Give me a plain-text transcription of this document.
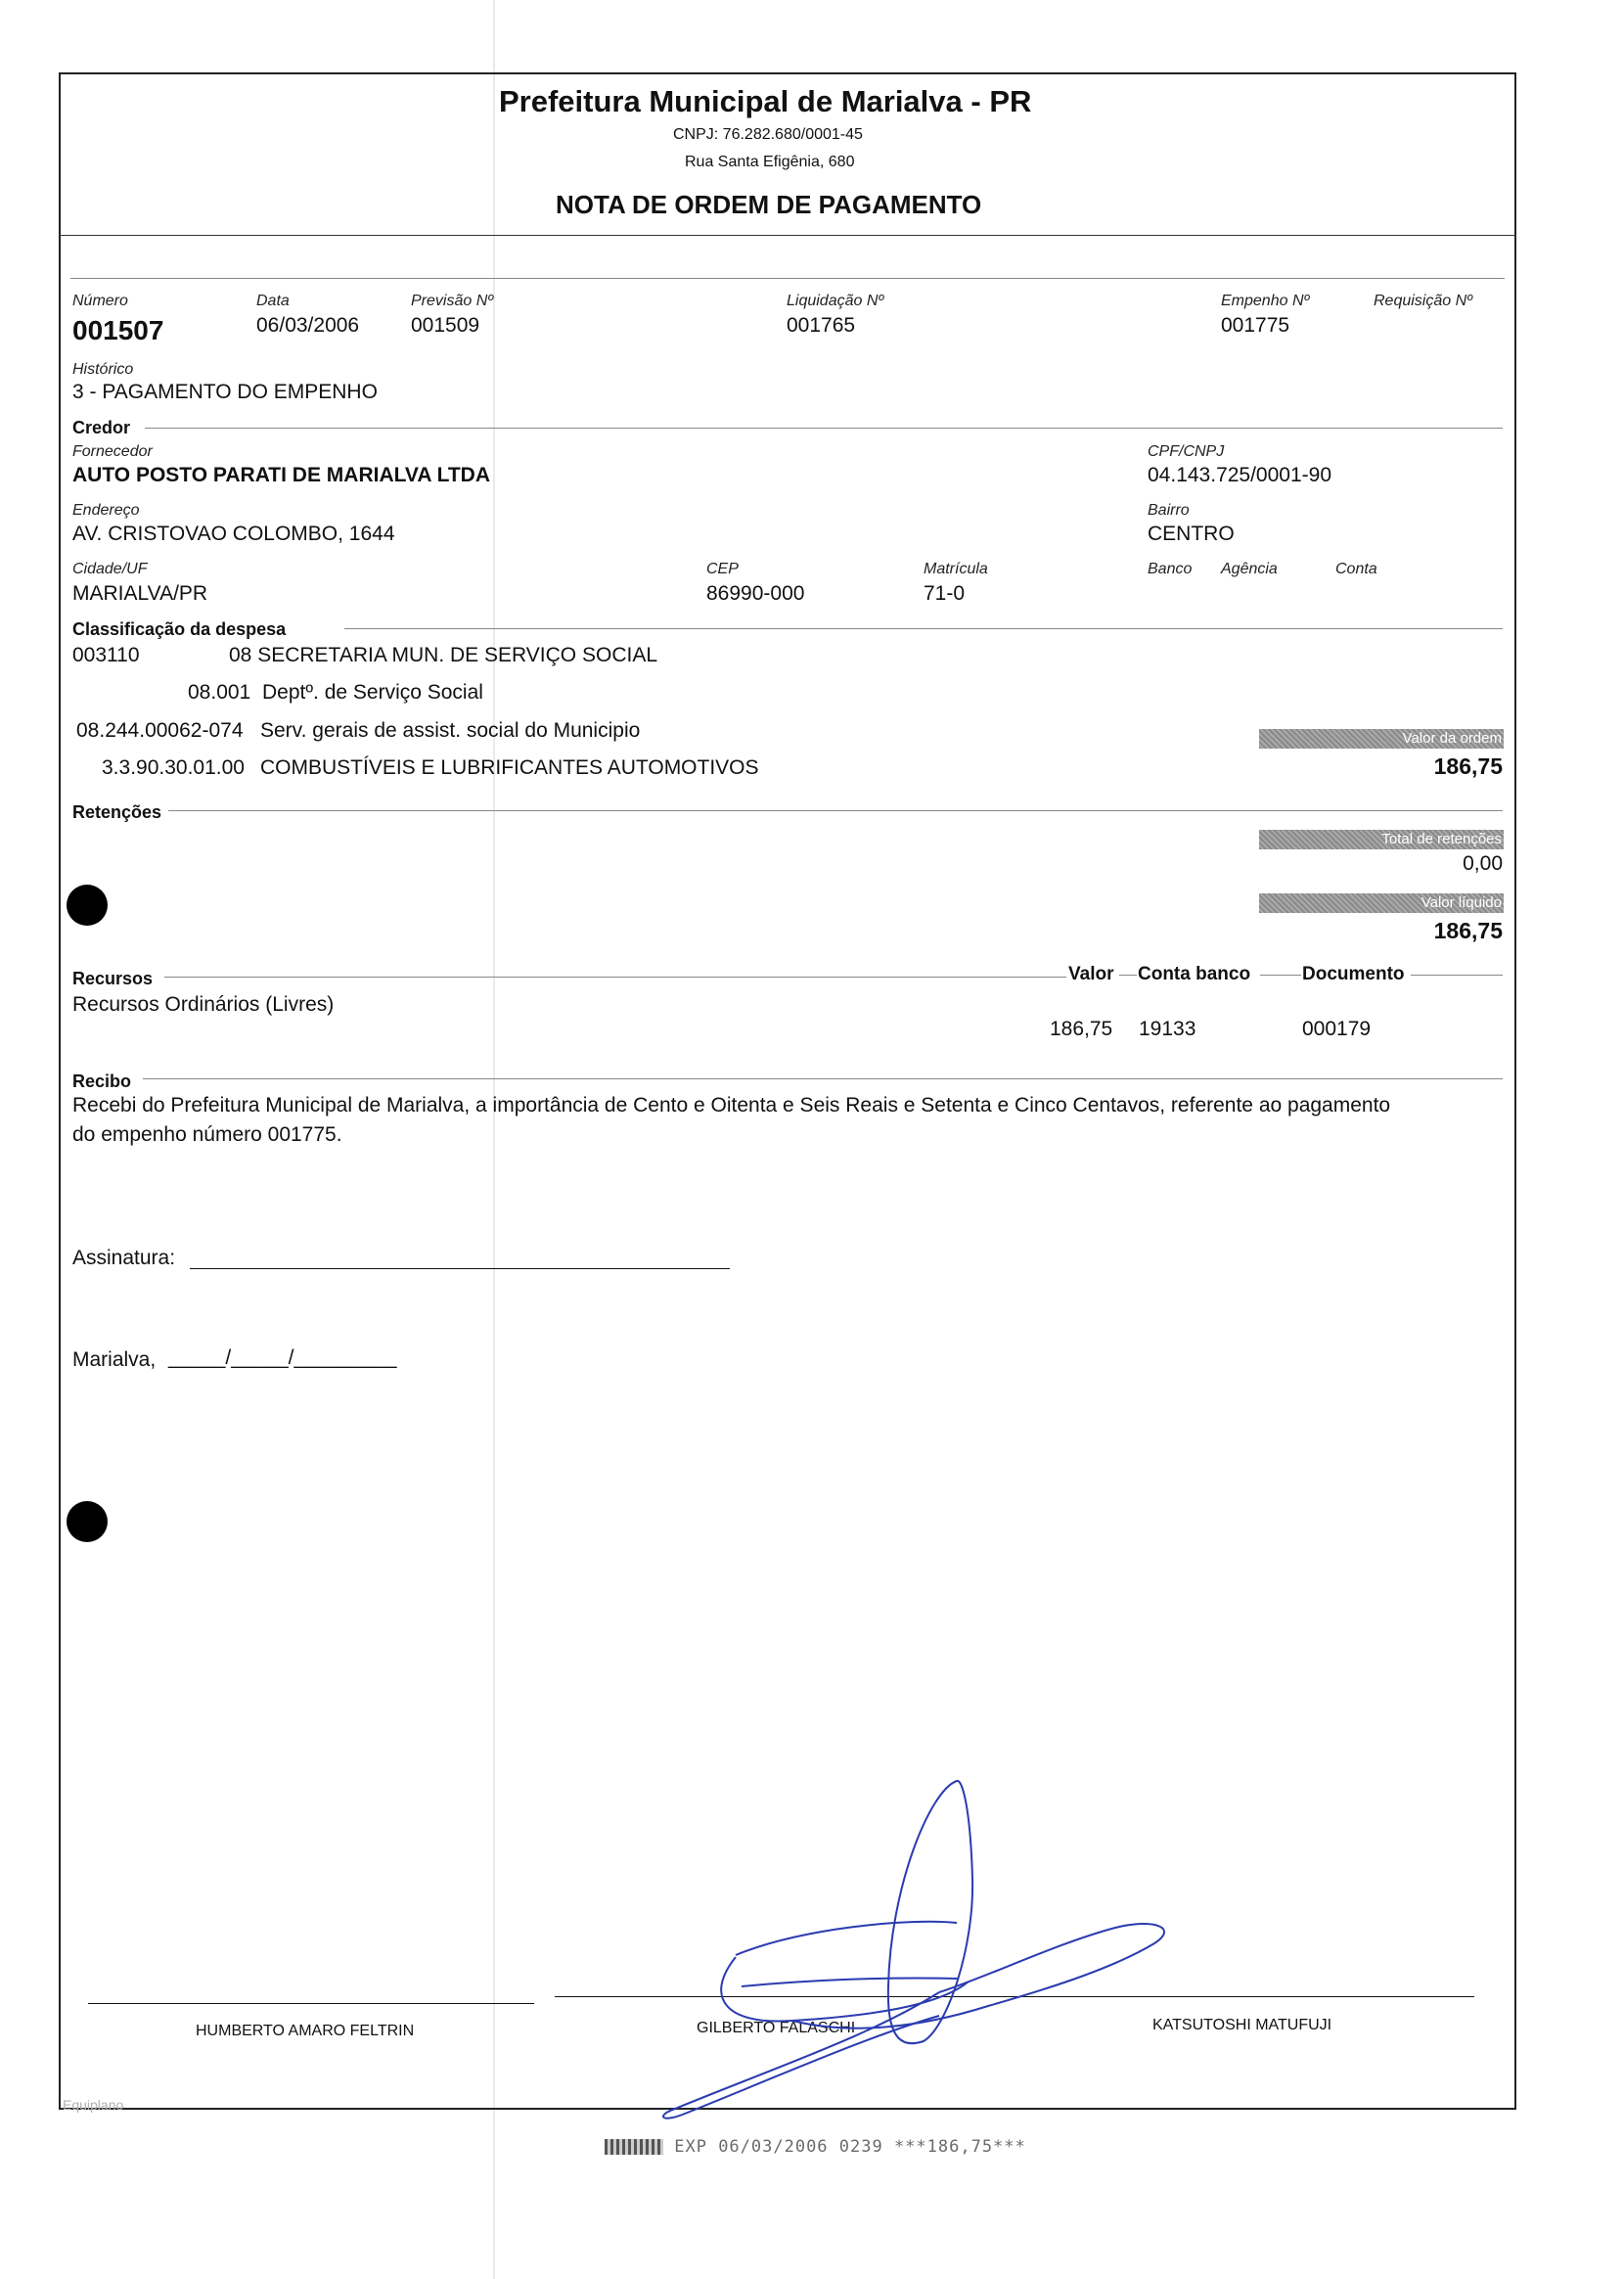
Prefeitura Municipal de Marialva - PR
CNPJ: 76.282.680/0001-45
Rua Santa Efigênia, 680
NOTA DE ORDEM DE PAGAMENTO
Número
001507
Data
06/03/2006
Previsão Nº
001509
Liquidação Nº
001765
Empenho Nº
001775
Requisição Nº
Histórico
3 - PAGAMENTO DO EMPENHO
Credor
Fornecedor
AUTO POSTO PARATI DE MARIALVA LTDA
CPF/CNPJ
04.143.725/0001-90
Endereço
AV. CRISTOVAO COLOMBO, 1644
Bairro
CENTRO
Cidade/UF
MARIALVA/PR
CEP
86990-000
Matrícula
71-0
Banco Agência	Conta
Classificação da despesa
003110	08 SECRETARIA MUN. DE SERVIÇO SOCIAL
08.001 Deptº. de Serviço Social
08.244.00062-074 Serv. gerais de assist. social do Municipio
3.3.90.30.01.00 COMBUSTÍVEIS E LUBRIFICANTES AUTOMOTIVOS
Valor da ordem
186,75
Retenções
Total de retenções
0,00
Valor líquido
186,75
Recursos	Valor Conta banco	Documento
Recursos Ordinários (Livres)
186,75 19133	000179
Recibo
Recebi do Prefeitura Municipal de Marialva, a importância de Cento e Oitenta e Seis Reais e Setenta e Cinco Centavos, referente ao pagamento
do empenho número 001775.
Assinatura:
Marialva, _____/_____/_________
HUMBERTO AMARO FELTRIN	GILBERTO FALASCHI	KATSUTOSHI MATUFUJI
Equiplano
EXP 06/03/2006 0239 ***186,75***
